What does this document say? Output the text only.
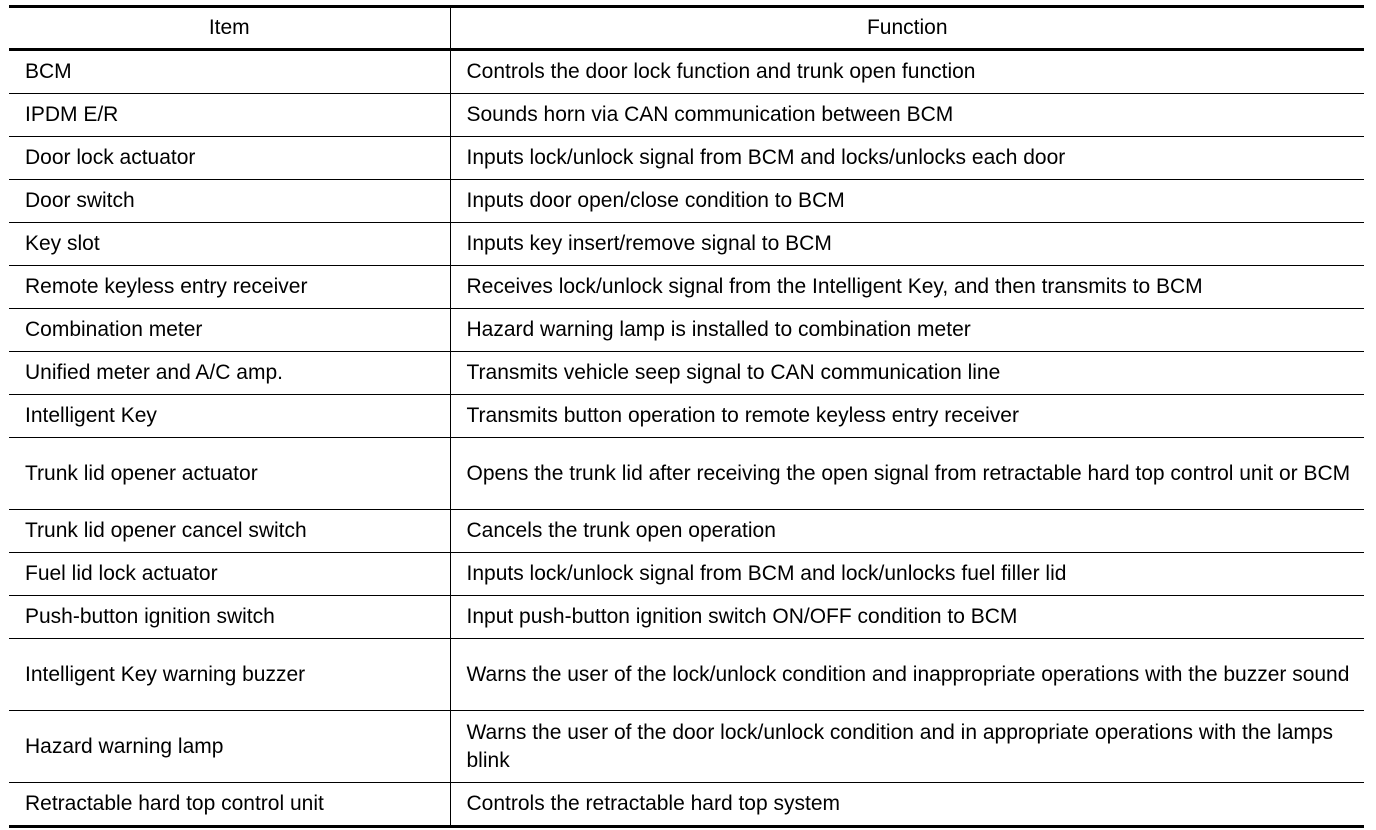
Item	Function
BCM	Controls the door lock function and trunk open function
IPDM E/R	Sounds horn via CAN communication between BCM
Door lock actuator	Inputs lock/unlock signal from BCM and locks/unlocks each door
Door switch	Inputs door open/close condition to BCM
Key slot	Inputs key insert/remove signal to BCM
Remote keyless entry receiver	Receives lock/unlock signal from the Intelligent Key, and then transmits to BCM
Combination meter	Hazard warning lamp is installed to combination meter
Unified meter and A/C amp.	Transmits vehicle seep signal to CAN communication line
Intelligent Key	Transmits button operation to remote keyless entry receiver
Trunk lid opener actuator	Opens the trunk lid after receiving the open signal from retractable hard top control unit or BCM
Trunk lid opener cancel switch	Cancels the trunk open operation
Fuel lid lock actuator	Inputs lock/unlock signal from BCM and lock/unlocks fuel filler lid
Push-button ignition switch	Input push-button ignition switch ON/OFF condition to BCM
Intelligent Key warning buzzer	Warns the user of the lock/unlock condition and inappropriate operations with the buzzer sound
Hazard warning lamp	Warns the user of the door lock/unlock condition and in appropriate operations with the lamps blink
Retractable hard top control unit	Controls the retractable hard top system
